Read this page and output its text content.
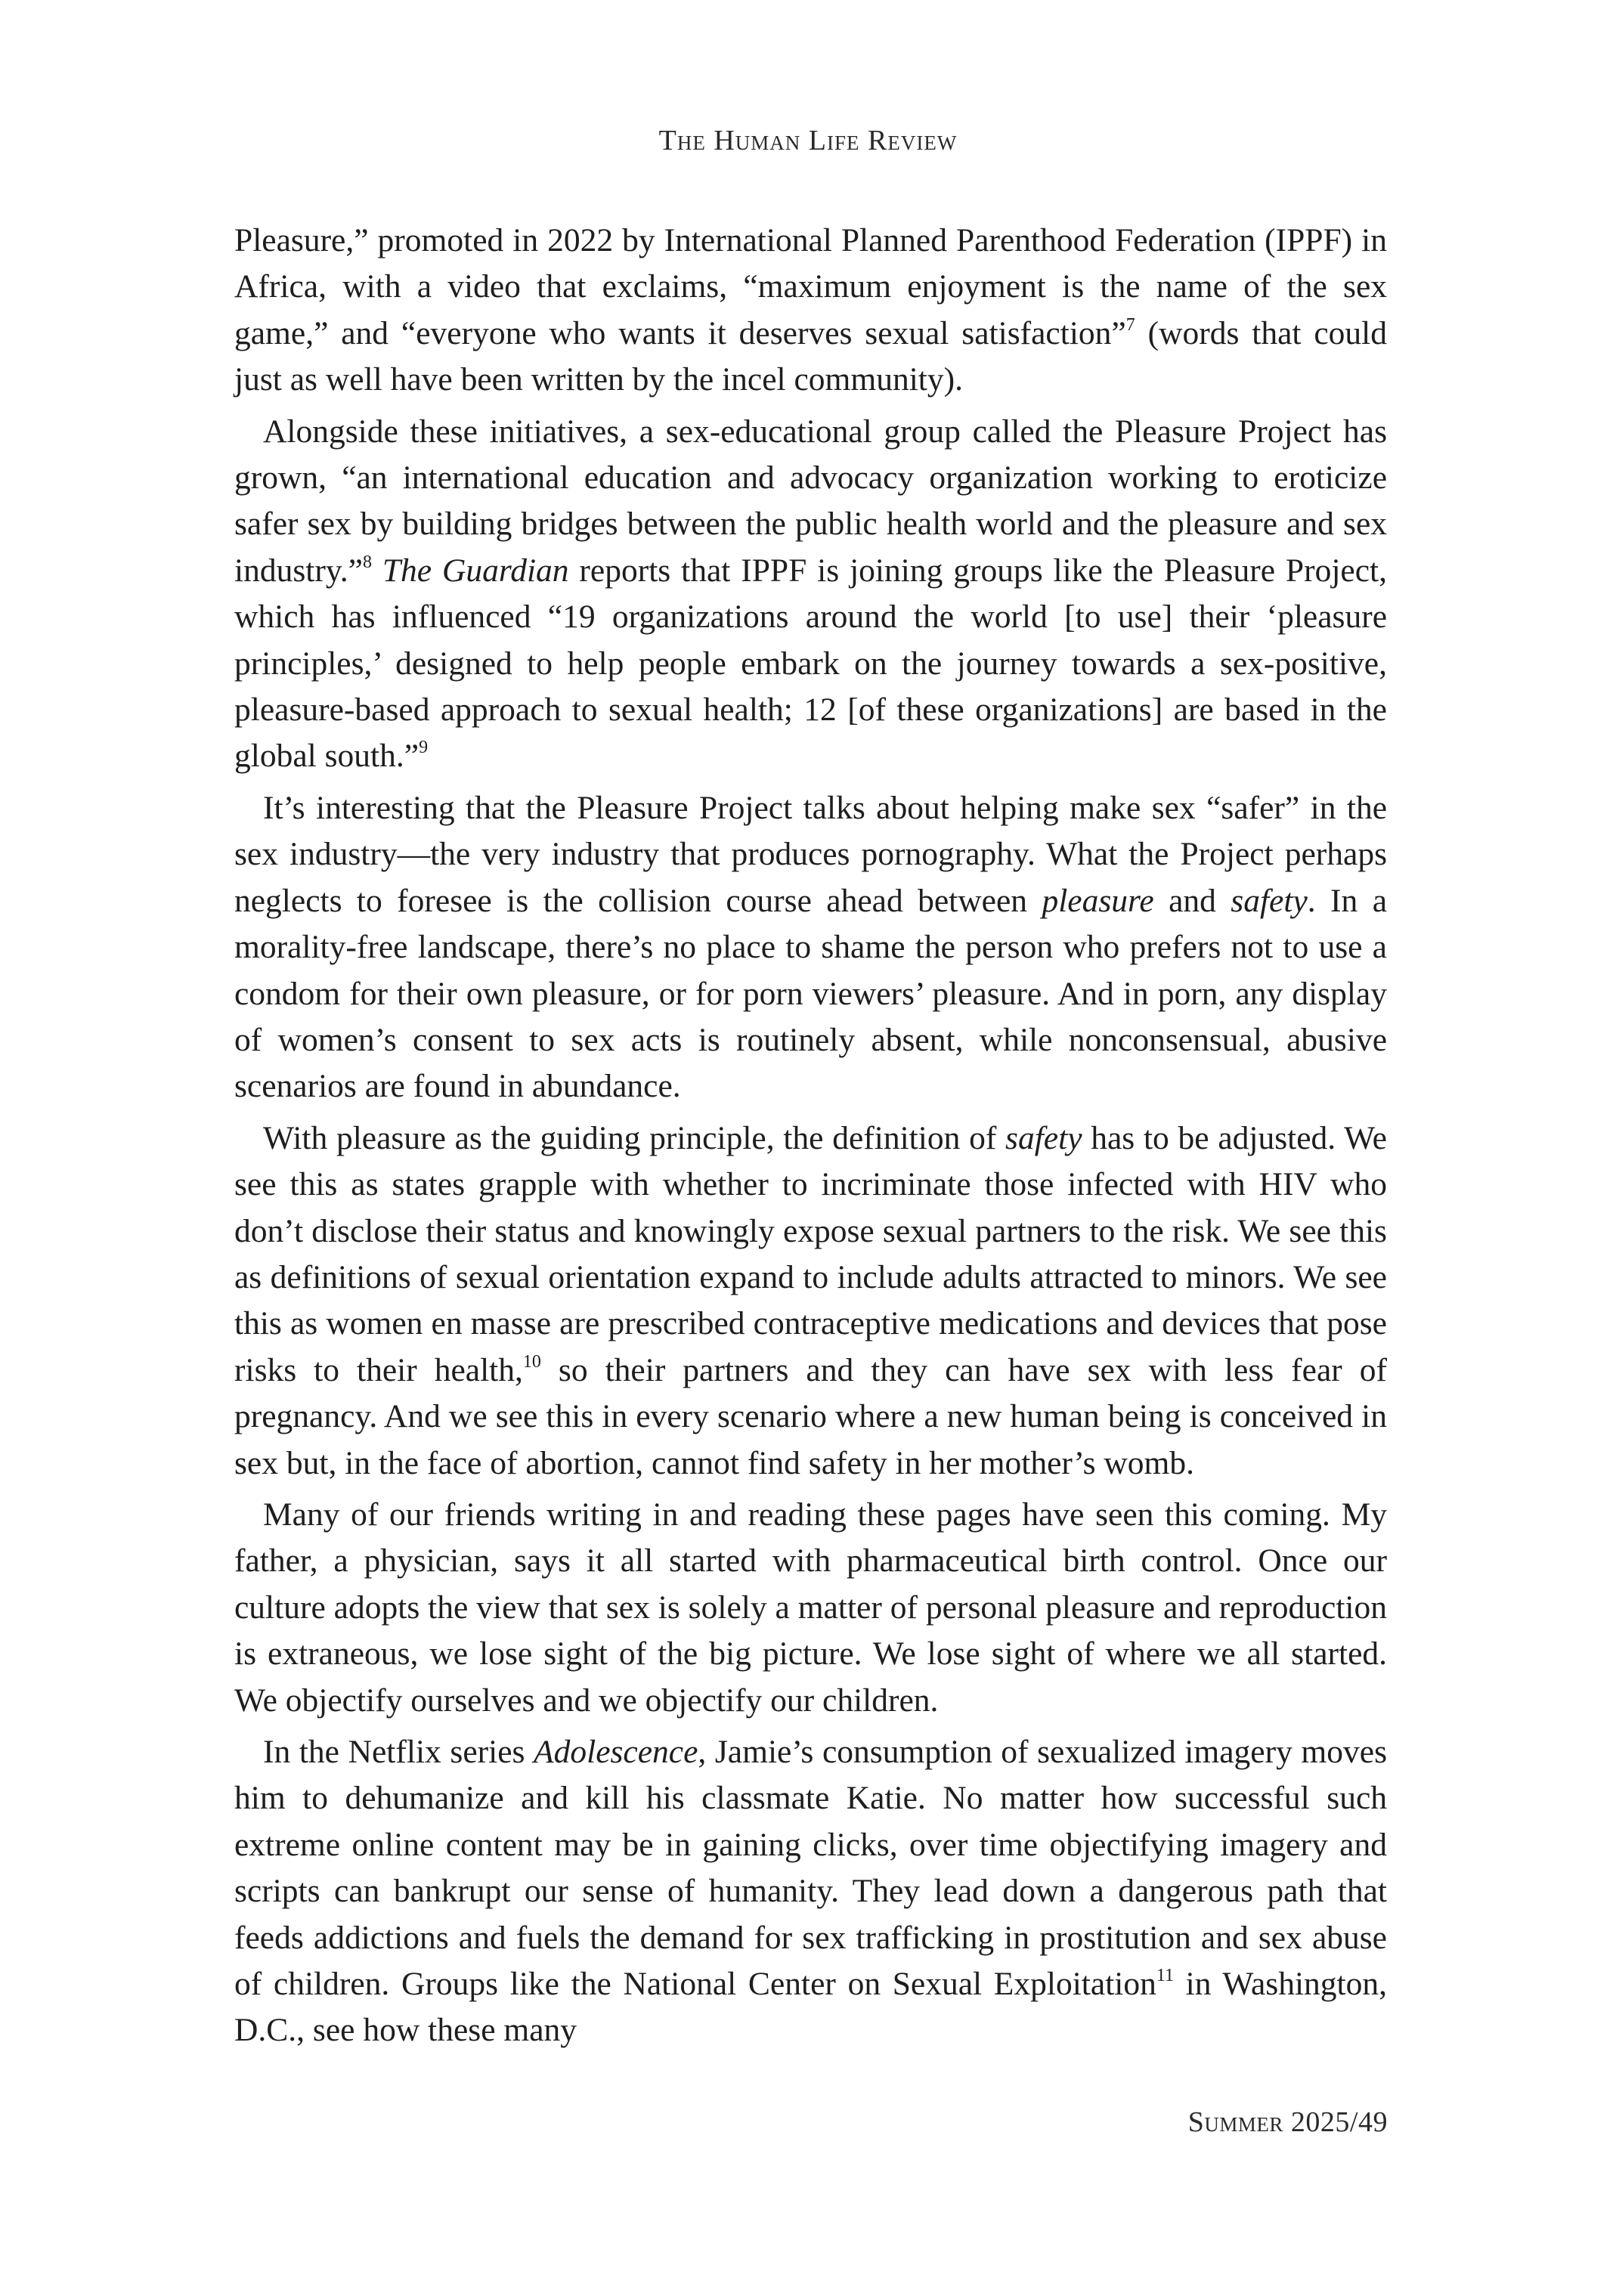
The Human Life Review

Pleasure,” promoted in 2022 by International Planned Parenthood Federation (IPPF) in Africa, with a video that exclaims, “maximum enjoyment is the name of the sex game,” and “everyone who wants it deserves sexual satisfaction”$^7$ (words that could just as well have been written by the incel community).

Alongside these initiatives, a sex-educational group called the Pleasure Project has grown, “an international education and advocacy organization working to eroticize safer sex by building bridges between the public health world and the pleasure and sex industry.”$^8$ The Guardian reports that IPPF is joining groups like the Pleasure Project, which has influenced “19 organizations around the world [to use] their ‘pleasure principles,’ designed to help people embark on the journey towards a sex-positive, pleasure-based approach to sexual health; 12 [of these organizations] are based in the global south.”$^9$

It’s interesting that the Pleasure Project talks about helping make sex “safer” in the sex industry—the very industry that produces pornography. What the Project perhaps neglects to foresee is the collision course ahead between pleasure and safety. In a morality-free landscape, there’s no place to shame the person who prefers not to use a condom for their own pleasure, or for porn viewers’ pleasure. And in porn, any display of women’s consent to sex acts is routinely absent, while nonconsensual, abusive scenarios are found in abundance.

With pleasure as the guiding principle, the definition of safety has to be adjusted. We see this as states grapple with whether to incriminate those infected with HIV who don’t disclose their status and knowingly expose sexual partners to the risk. We see this as definitions of sexual orientation expand to include adults attracted to minors. We see this as women en masse are prescribed contraceptive medications and devices that pose risks to their health,$^{10}$ so their partners and they can have sex with less fear of pregnancy. And we see this in every scenario where a new human being is conceived in sex but, in the face of abortion, cannot find safety in her mother’s womb.

Many of our friends writing in and reading these pages have seen this coming. My father, a physician, says it all started with pharmaceutical birth control. Once our culture adopts the view that sex is solely a matter of personal pleasure and reproduction is extraneous, we lose sight of the big picture. We lose sight of where we all started. We objectify ourselves and we objectify our children.

In the Netflix series Adolescence, Jamie’s consumption of sexualized imagery moves him to dehumanize and kill his classmate Katie. No matter how successful such extreme online content may be in gaining clicks, over time objectifying imagery and scripts can bankrupt our sense of humanity. They lead down a dangerous path that feeds addictions and fuels the demand for sex trafficking in prostitution and sex abuse of children. Groups like the National Center on Sexual Exploitation$^{11}$ in Washington, D.C., see how these many

Summer 2025/49
